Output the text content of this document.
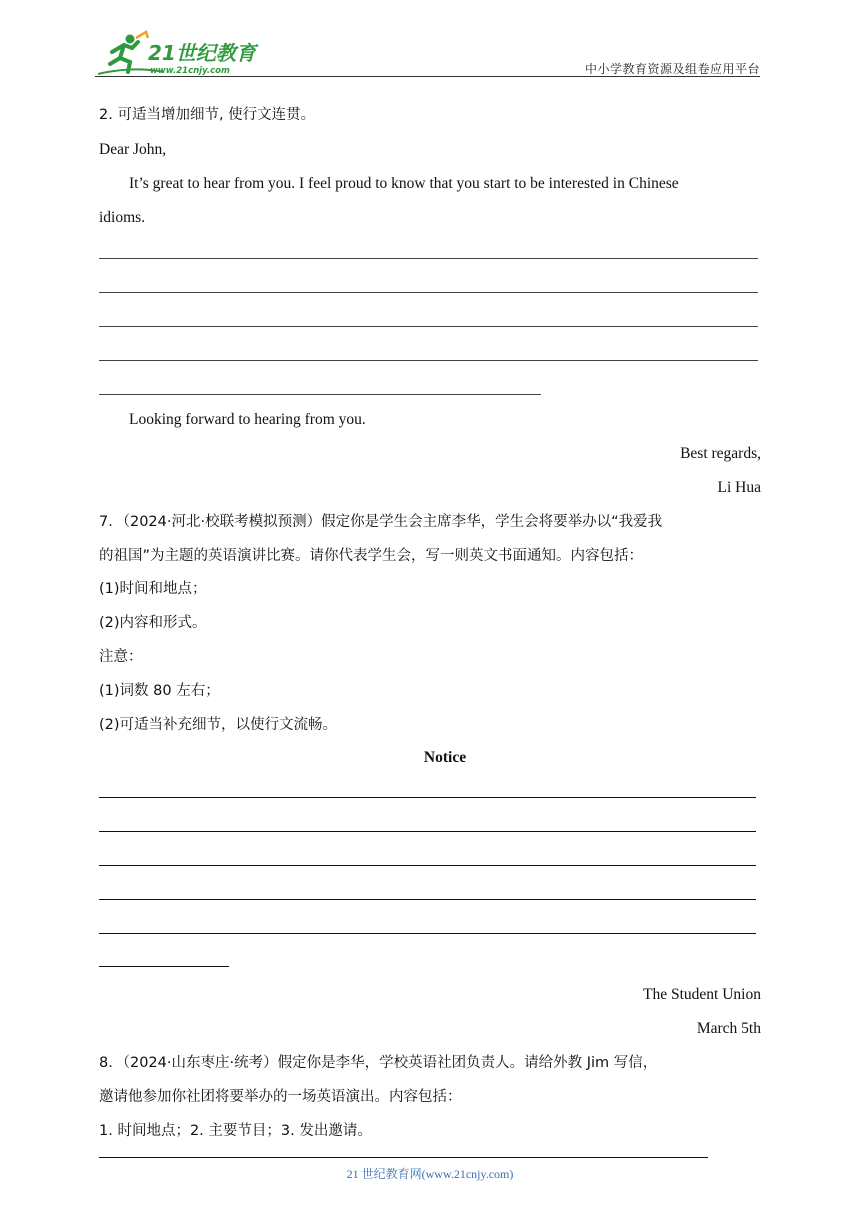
21世纪教育
www.21cnjy.com	中小学教育资源及组卷应用平台
2. 可适当增加细节, 使行文连贯。
Dear John,
It’s great to hear from you. I feel proud to know that you start to be interested in Chinese
idioms.
Looking forward to hearing from you.
Best regards,
Li Hua
7．（2024·河北·校联考模拟预测）假定你是学生会主席李华，学生会将要举办以“我爱我
的祖国”为主题的英语演讲比赛。请你代表学生会，写一则英文书面通知。内容包括：
(1)时间和地点；
(2)内容和形式。
注意：
(1)词数 80 左右；
(2)可适当补充细节，以使行文流畅。
Notice
The Student Union
March 5th
8．（2024·山东枣庄·统考）假定你是李华，学校英语社团负责人。请给外教 Jim 写信，
邀请他参加你社团将要举办的一场英语演出。内容包括：
1. 时间地点；2. 主要节目；3. 发出邀请。
21 世纪教育网(www.21cnjy.com)
